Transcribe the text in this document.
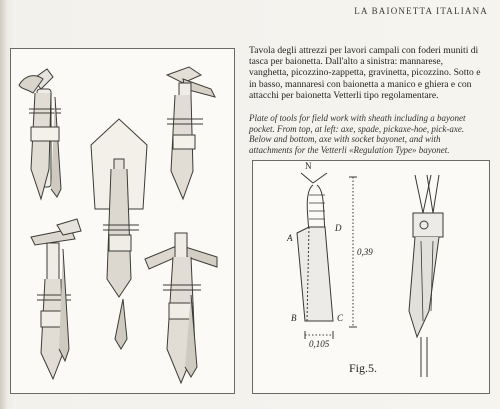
LA BAIONETTA ITALIANA
Tavola degli attrezzi per lavori campali con foderi muniti di tasca per baionetta. Dall'alto a sinistra: mannarese, vanghetta, picozzino-zappetta, gravinetta, picozzino. Sotto e in basso, mannaresi con baionetta a manico e ghiera e con attacchi per baionetta Vetterli tipo regolamentare.
Plate of tools for field work with sheath including a bayonet pocket. From top, at left: axe, spade, pickaxe-hoe, pick-axe. Below and bottom, axe with socket bayonet, and with attachments for the Vetterli «Regulation Type» bayonet.
N
A
D
B	C
0,39
0,105
Fig.5.
